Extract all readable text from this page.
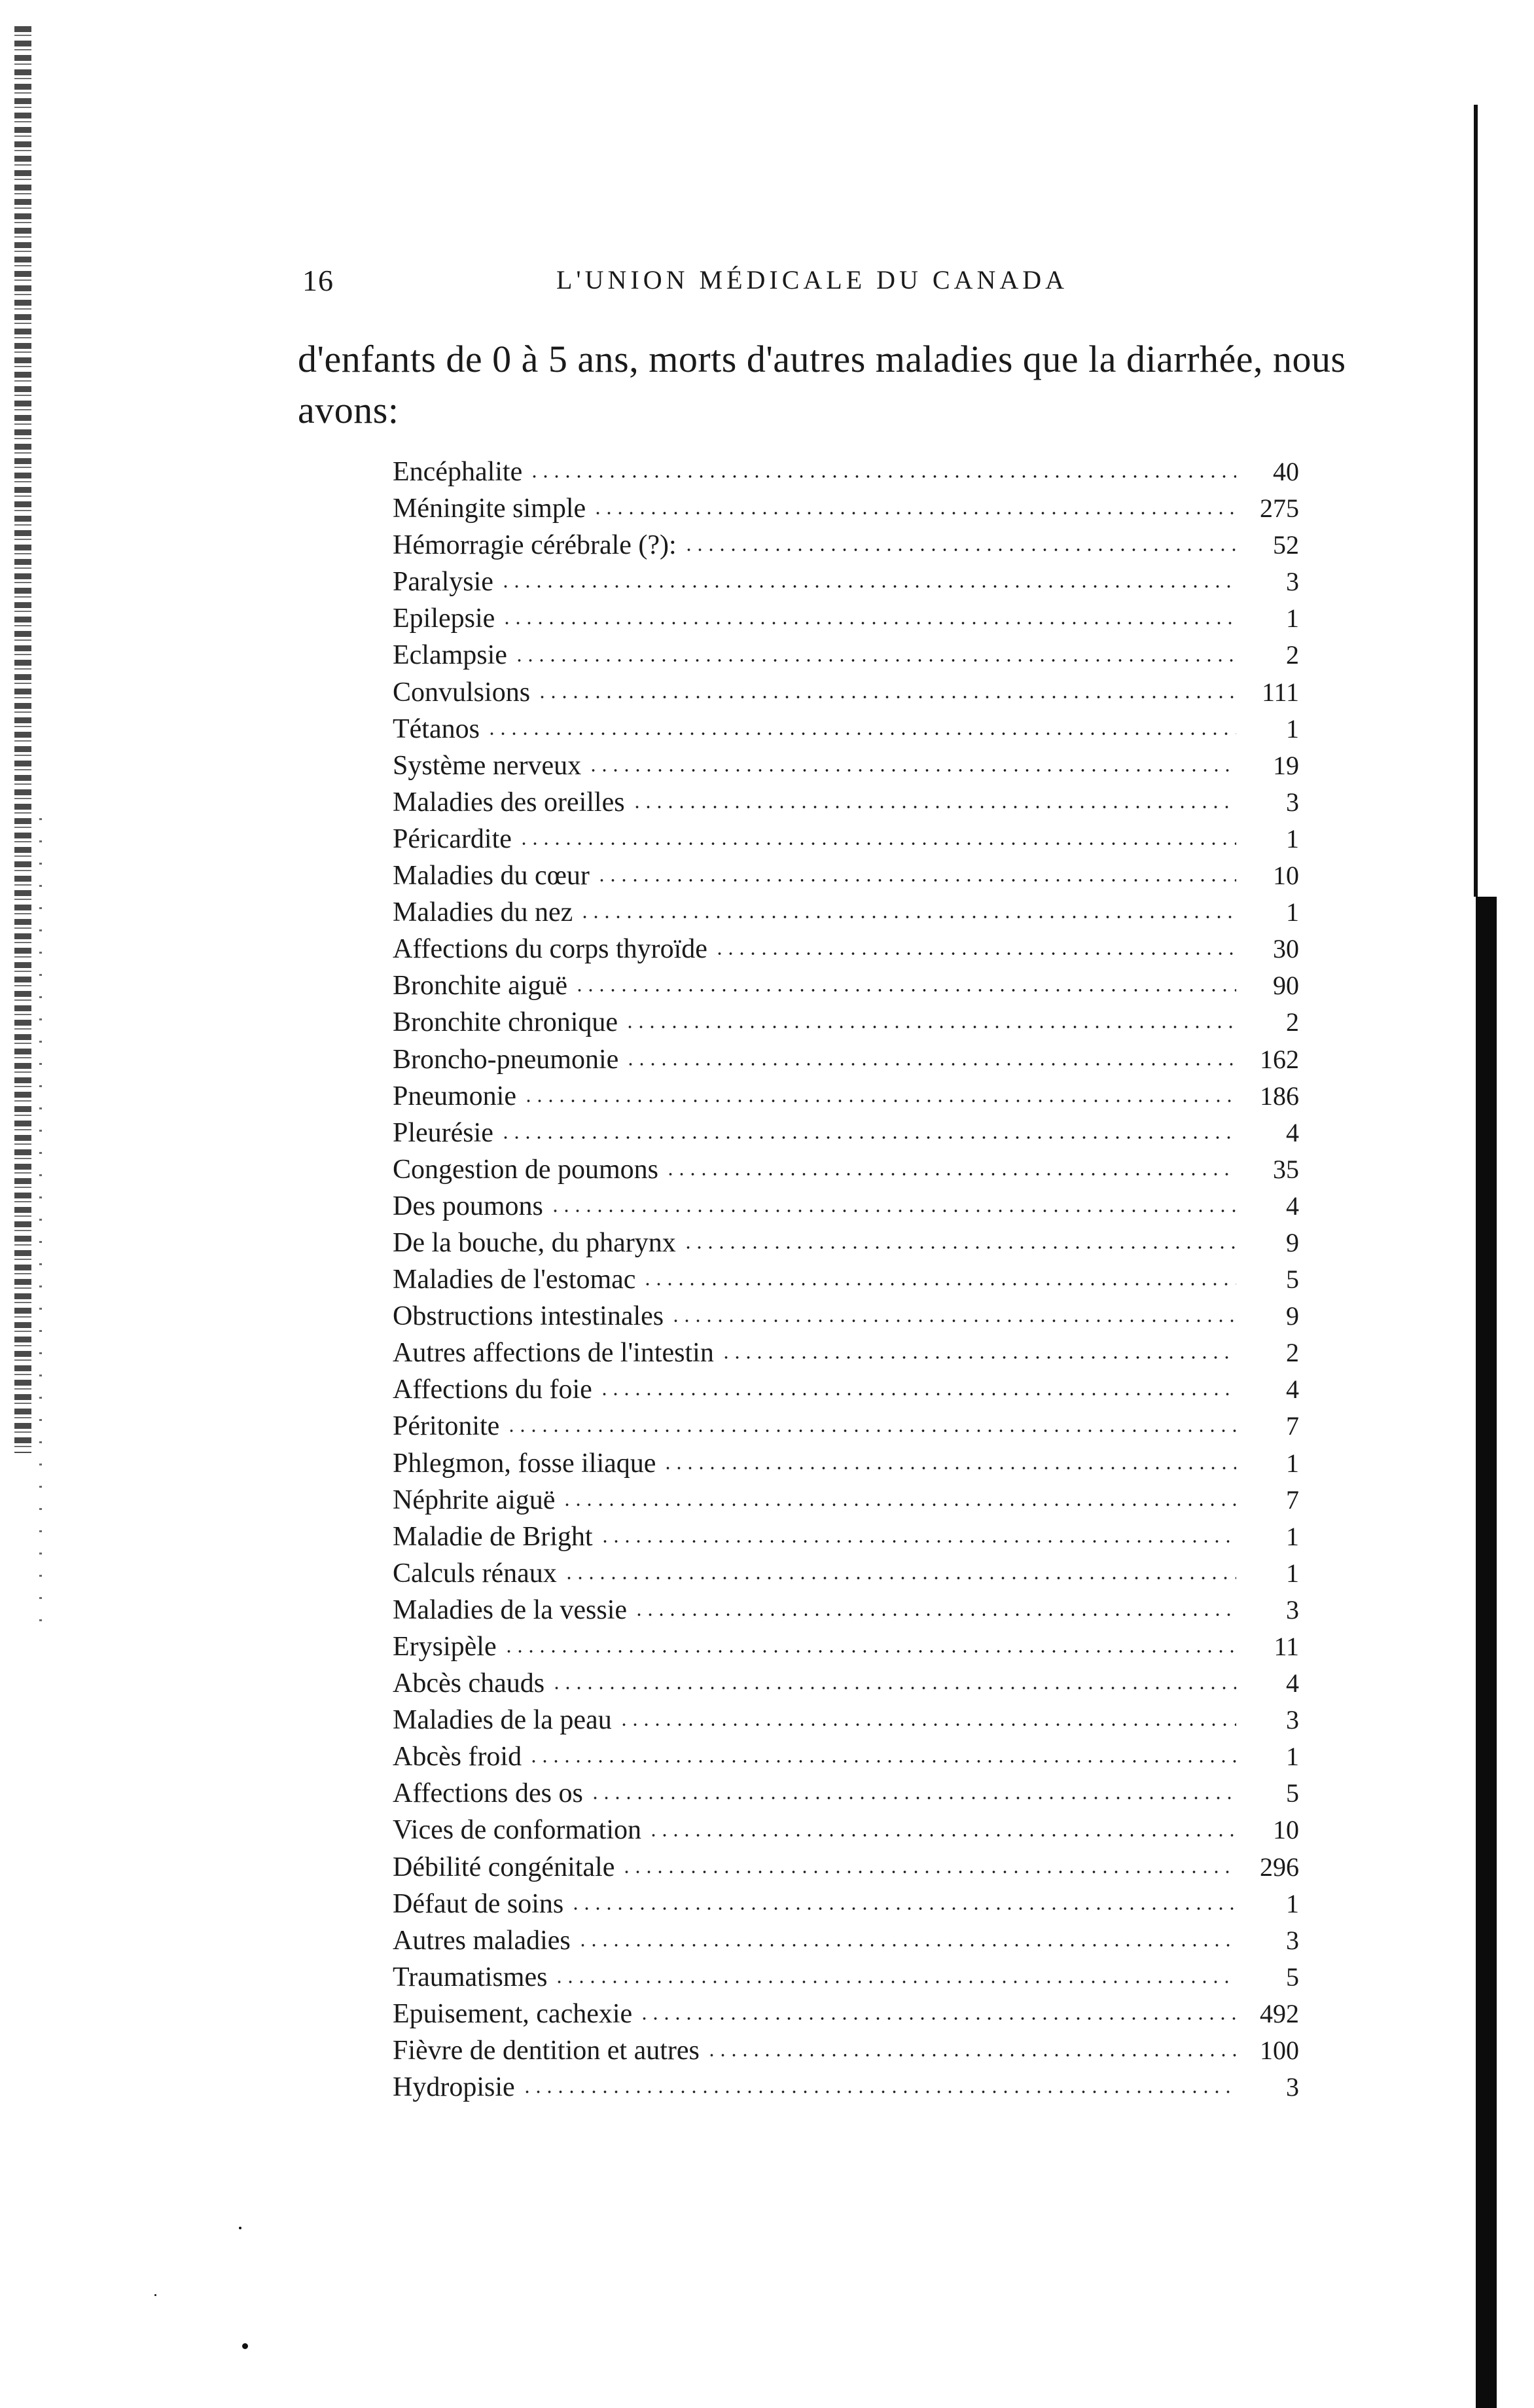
16	L'UNION MÉDICALE DU CANADA
d'enfants de 0 à 5 ans, morts d'autres maladies que la diarrhée, nous avons:
Encéphalite	40
Méningite simple	275
Hémorragie cérébrale (?):	52
Paralysie	3
Epilepsie	1
Eclampsie	2
Convulsions	111
Tétanos	1
Système nerveux	19
Maladies des oreilles	3
Péricardite	1
Maladies du cœur	10
Maladies du nez	1
Affections du corps thyroïde	30
Bronchite aiguë	90
Bronchite chronique	2
Broncho-pneumonie	162
Pneumonie	186
Pleurésie	4
Congestion de poumons	35
Des poumons	4
De la bouche, du pharynx	9
Maladies de l'estomac	5
Obstructions intestinales	9
Autres affections de l'intestin	2
Affections du foie	4
Péritonite	7
Phlegmon, fosse iliaque	1
Néphrite aiguë	7
Maladie de Bright	1
Calculs rénaux	1
Maladies de la vessie	3
Erysipèle	11
Abcès chauds	4
Maladies de la peau	3
Abcès froid	1
Affections des os	5
Vices de conformation	10
Débilité congénitale	296
Défaut de soins	1
Autres maladies	3
Traumatismes	5
Epuisement, cachexie	492
Fièvre de dentition et autres	100
Hydropisie	3
